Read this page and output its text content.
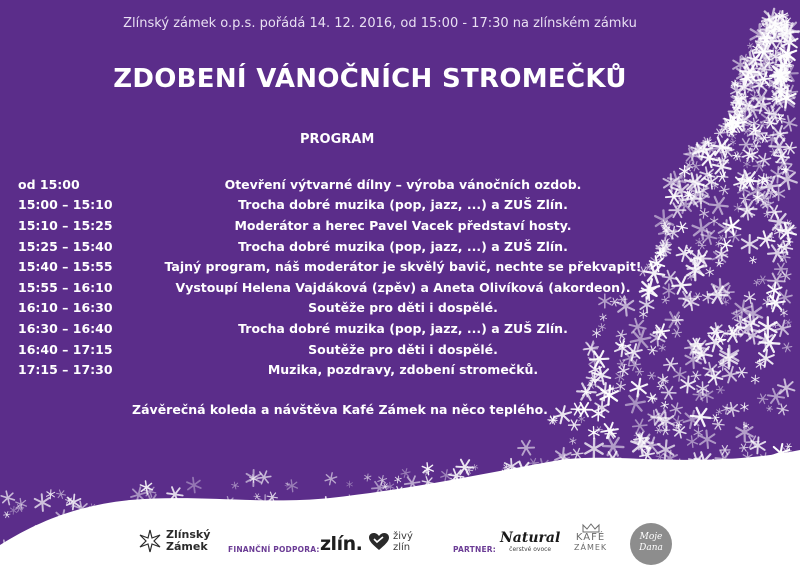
Zlínský zámek o.p.s. pořádá 14. 12. 2016, od 15:00 - 17:30 na zlínském zámku
ZDOBENÍ VÁNOČNÍCH STROMEČKŮ
PROGRAM
od 15:00	Otevření výtvarné dílny – výroba vánočních ozdob.
15:00 – 15:10	Trocha dobré muzika (pop, jazz, ...) a ZUŠ Zlín.
15:10 – 15:25	Moderátor a herec Pavel Vacek představí hosty.
15:25 – 15:40	Trocha dobré muzika (pop, jazz, ...) a ZUŠ Zlín.
15:40 – 15:55	Tajný program, náš moderátor je skvělý bavič, nechte se překvapit!
15:55 – 16:10	Vystoupí Helena Vajdáková (zpěv) a Aneta Olivíková (akordeon).
16:10 – 16:30	Soutěže pro děti i dospělé.
16:30 – 16:40	Trocha dobré muzika (pop, jazz, ...) a ZUŠ Zlín.
16:40 – 17:15	Soutěže pro děti i dospělé.
17:15 – 17:30	Muzika, pozdravy, zdobení stromečků.
Závěrečná koleda a návštěva Kafé Zámek na něco teplého.
Zlínský
Zámek	FINANČNÍ PODPORA: zlín.	živý
zlín	PARTNER:
Natural
čerstvé ovoce
KAFÉ
ZÁMEK
Moje
Dana
